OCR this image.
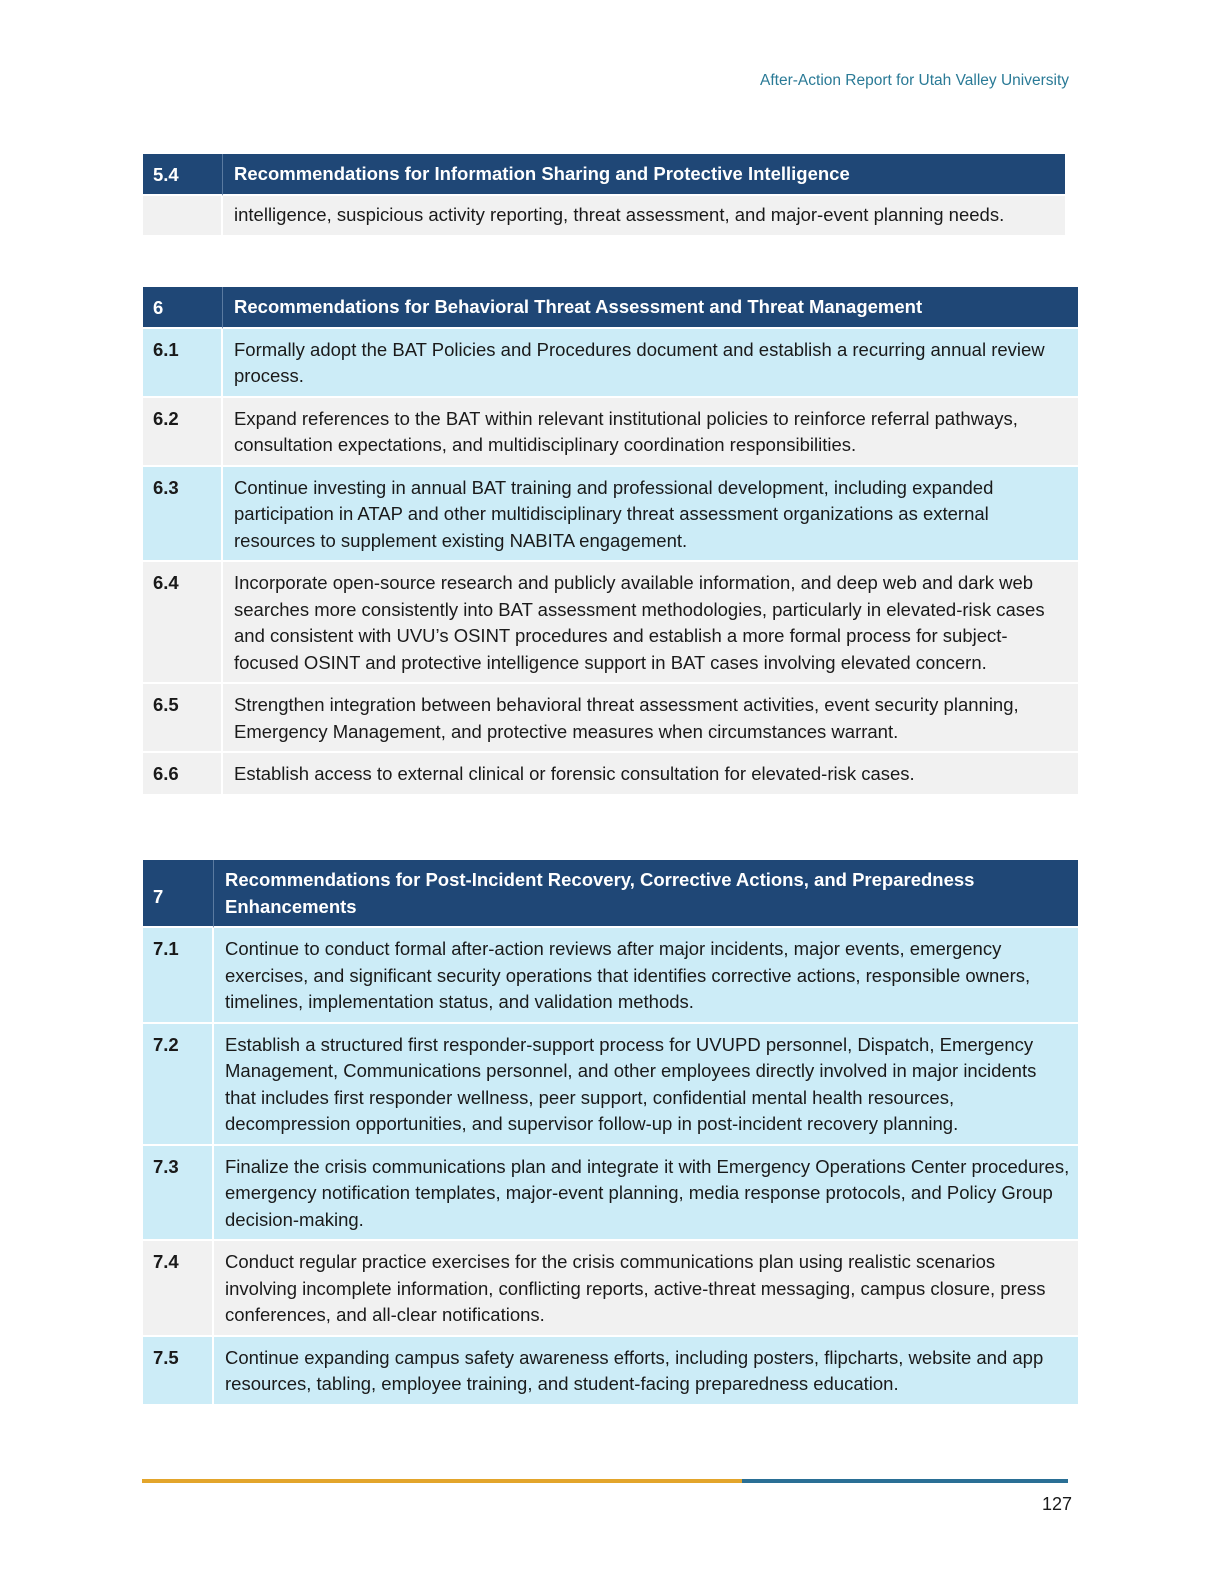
After-Action Report for Utah Valley University
5.4	Recommendations for Information Sharing and Protective Intelligence
	intelligence, suspicious activity reporting, threat assessment, and major-event planning needs.
6	Recommendations for Behavioral Threat Assessment and Threat Management
6.1	Formally adopt the BAT Policies and Procedures document and establish a recurring annual review process.
6.2	Expand references to the BAT within relevant institutional policies to reinforce referral pathways, consultation expectations, and multidisciplinary coordination responsibilities.
6.3	Continue investing in annual BAT training and professional development, including expanded participation in ATAP and other multidisciplinary threat assessment organizations as external resources to supplement existing NABITA engagement.
6.4	Incorporate open-source research and publicly available information, and deep web and dark web searches more consistently into BAT assessment methodologies, particularly in elevated-risk cases and consistent with UVU’s OSINT procedures and establish a more formal process for subject-focused OSINT and protective intelligence support in BAT cases involving elevated concern.
6.5	Strengthen integration between behavioral threat assessment activities, event security planning, Emergency Management, and protective measures when circumstances warrant.
6.6	Establish access to external clinical or forensic consultation for elevated-risk cases.
7	Recommendations for Post-Incident Recovery, Corrective Actions, and Preparedness Enhancements
7.1	Continue to conduct formal after-action reviews after major incidents, major events, emergency exercises, and significant security operations that identifies corrective actions, responsible owners, timelines, implementation status, and validation methods.
7.2	Establish a structured first responder-support process for UVUPD personnel, Dispatch, Emergency Management, Communications personnel, and other employees directly involved in major incidents that includes first responder wellness, peer support, confidential mental health resources, decompression opportunities, and supervisor follow-up in post-incident recovery planning.
7.3	Finalize the crisis communications plan and integrate it with Emergency Operations Center procedures, emergency notification templates, major-event planning, media response protocols, and Policy Group decision-making.
7.4	Conduct regular practice exercises for the crisis communications plan using realistic scenarios involving incomplete information, conflicting reports, active-threat messaging, campus closure, press conferences, and all-clear notifications.
7.5	Continue expanding campus safety awareness efforts, including posters, flipcharts, website and app resources, tabling, employee training, and student-facing preparedness education.
127
